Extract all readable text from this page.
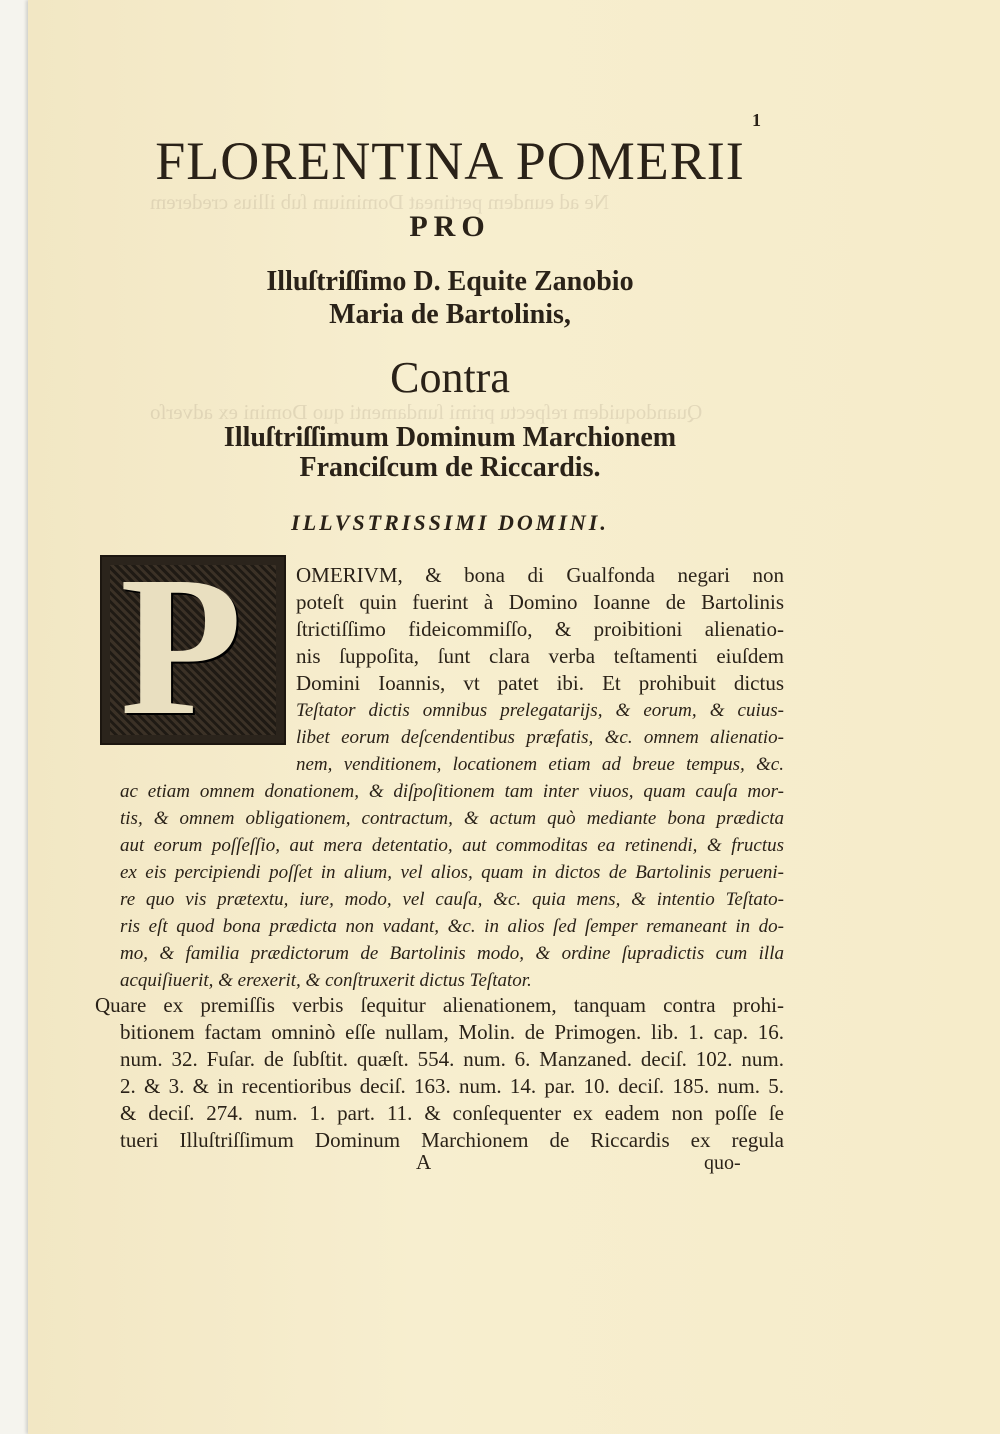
Ne ad eundem pertineat Dominium ſub illius crederem
Quandoquidem reſpectu primi ſundamenti quo Domini ex adverſo
1
FLORENTINA POMERII
PRO
Illuſtriſſimo D. Equite Zanobio
Maria de Bartolinis,
Contra
Illuſtriſſimum Dominum Marchionem
Franciſcum de Riccardis.
ILLVSTRISSIMI DOMINI.
P	OMERIVM, & bona di Gualfonda negari non
poteſt quin fuerint à Domino Ioanne de Bartolinis
ſtrictiſſimo fideicommiſſo, & proibitioni alienatio-
nis ſuppoſita, ſunt clara verba teſtamenti eiuſdem
Domini Ioannis, vt patet ibi. Et prohibuit dictus
Teſtator dictis omnibus prelegatarijs, & eorum, & cuius-
libet eorum deſcendentibus præfatis, &c. omnem alienatio-
nem, venditionem, locationem etiam ad breue tempus, &c.
ac etiam omnem donationem, & diſpoſitionem tam inter viuos, quam cauſa mor-
tis, & omnem obligationem, contractum, & actum quò mediante bona prædicta
aut eorum poſſeſſio, aut mera detentatio, aut commoditas ea retinendi, & fructus
ex eis percipiendi poſſet in alium, vel alios, quam in dictos de Bartolinis perueni-
re quo vis prætextu, iure, modo, vel cauſa, &c. quia mens, & intentio Teſtato-
ris eſt quod bona prædicta non vadant, &c. in alios ſed ſemper remaneant in do-
mo, & familia prædictorum de Bartolinis modo, & ordine ſupradictis cum illa
acquiſiuerit, & erexerit, & conſtruxerit dictus Teſtator.
Quare ex premiſſis verbis ſequitur alienationem, tanquam contra prohi-
bitionem factam omninò eſſe nullam, Molin. de Primogen. lib. 1. cap. 16.
num. 32. Fuſar. de ſubſtit. quæſt. 554. num. 6. Manzaned. deciſ. 102. num.
2. & 3. & in recentioribus deciſ. 163. num. 14. par. 10. deciſ. 185. num. 5.
& deciſ. 274. num. 1. part. 11. & conſequenter ex eadem non poſſe ſe
tueri Illuſtriſſimum Dominum Marchionem de Riccardis ex regula
A	quo-
